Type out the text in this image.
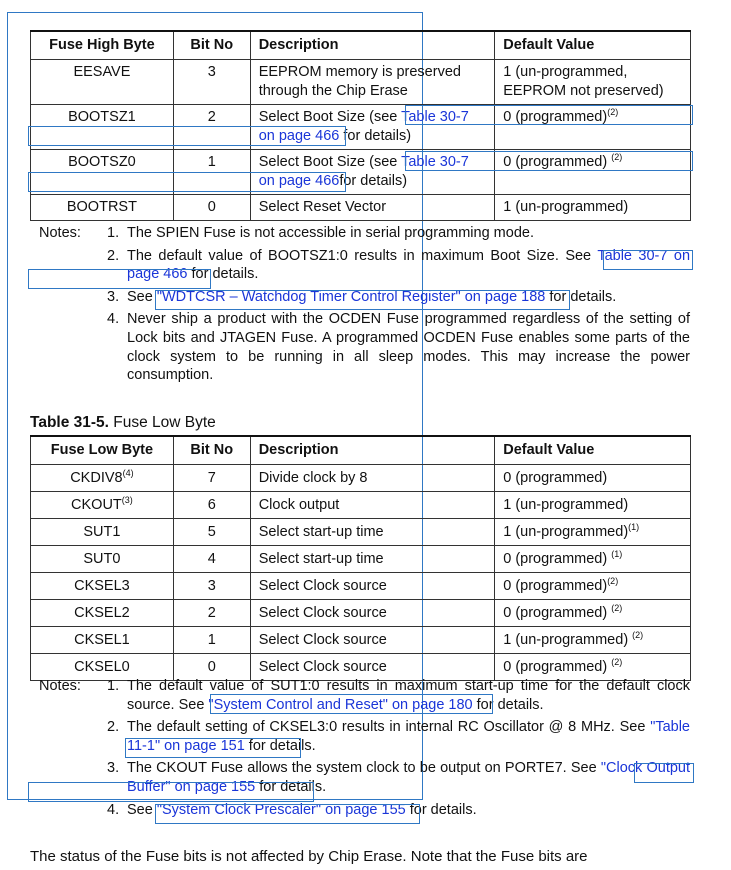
Fuse High Byte	Bit No	Description	Default Value
EESAVE	3	EEPROM memory is preserved through the Chip Erase	1 (un-programmed, EEPROM not preserved)
BOOTSZ1	2	Select Boot Size (see Table 30-7 on page 466 for details)	0 (programmed)$^{(2)}$
BOOTSZ0	1	Select Boot Size (see Table 30-7 on page 466for details)	0 (programmed) $^{(2)}$
BOOTRST	0	Select Reset Vector	1 (un-programmed)
Notes: 1. The SPIEN Fuse is not accessible in serial programming mode.
2. The default value of BOOTSZ1:0 results in maximum Boot Size. See Table 30-7 on page 466 for details.
3. See "WDTCSR – Watchdog Timer Control Register" on page 188 for details.
4. Never ship a product with the OCDEN Fuse programmed regardless of the setting of Lock bits and JTAGEN Fuse. A programmed OCDEN Fuse enables some parts of the clock system to be running in all sleep modes. This may increase the power consumption.
Table 31-5. Fuse Low Byte
Fuse Low Byte	Bit No	Description	Default Value
CKDIV8$^{(4)}$	7	Divide clock by 8	0 (programmed)
CKOUT$^{(3)}$	6	Clock output	1 (un-programmed)
SUT1	5	Select start-up time	1 (un-programmed)$^{(1)}$
SUT0	4	Select start-up time	0 (programmed) $^{(1)}$
CKSEL3	3	Select Clock source	0 (programmed)$^{(2)}$
CKSEL2	2	Select Clock source	0 (programmed) $^{(2)}$
CKSEL1	1	Select Clock source	1 (un-programmed) $^{(2)}$
CKSEL0	0	Select Clock source	0 (programmed) $^{(2)}$
Notes: 1. The default value of SUT1:0 results in maximum start-up time for the default clock source. See "System Control and Reset" on page 180 for details.
2. The default setting of CKSEL3:0 results in internal RC Oscillator @ 8 MHz. See "Table 11-1" on page 151 for details.
3. The CKOUT Fuse allows the system clock to be output on PORTE7. See "Clock Output Buffer" on page 155 for details.
4. See "System Clock Prescaler" on page 155 for details.
The status of the Fuse bits is not affected by Chip Erase. Note that the Fuse bits are
